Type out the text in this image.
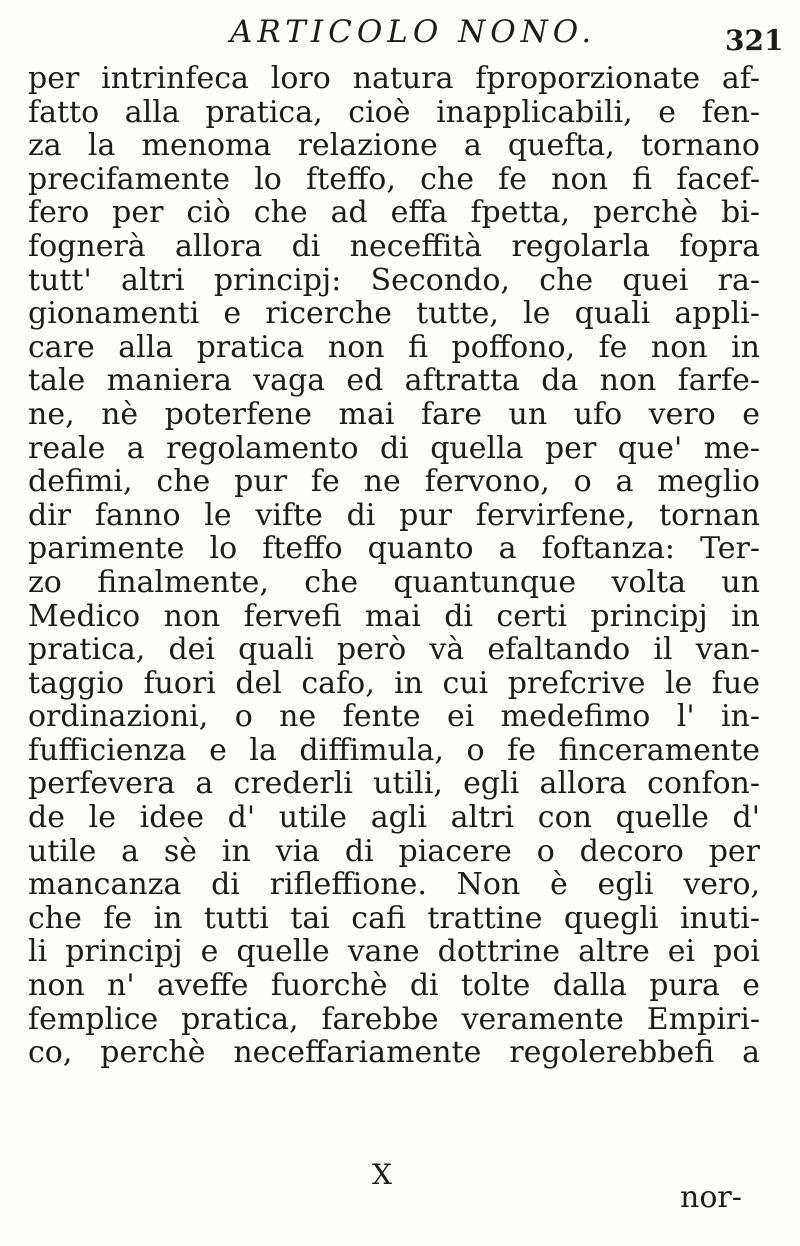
ARTICOLO NONO.	321
per intrinfeca loro natura fproporzionate af-
fatto alla pratica, cioè inapplicabili, e fen-
za la menoma relazione a quefta, tornano
precifamente lo fteffo, che fe non fi facef-
fero per ciò che ad effa fpetta, perchè bi-
fognerà allora di neceffità regolarla fopra
tutt' altri principj: Secondo, che quei ra-
gionamenti e ricerche tutte, le quali appli-
care alla pratica non fi poffono, fe non in
tale maniera vaga ed aftratta da non farfe-
ne, nè poterfene mai fare un ufo vero e
reale a regolamento di quella per que' me-
defimi, che pur fe ne fervono, o a meglio
dir fanno le vifte di pur fervirfene, tornan
parimente lo fteffo quanto a foftanza: Ter-
zo finalmente, che quantunque volta un
Medico non fervefi mai di certi principj in
pratica, dei quali però và efaltando il van-
taggio fuori del cafo, in cui prefcrive le fue
ordinazioni, o ne fente ei medefimo l' in-
fufficienza e la diffimula, o fe finceramente
perfevera a crederli utili, egli allora confon-
de le idee d' utile agli altri con quelle d'
utile a sè in via di piacere o decoro per
mancanza di rifleffione. Non è egli vero,
che fe in tutti tai cafi trattine quegli inuti-
li principj e quelle vane dottrine altre ei poi
non n' aveffe fuorchè di tolte dalla pura e
femplice pratica, farebbe veramente Empiri-
co, perchè neceffariamente regolerebbefi a
X
nor-
